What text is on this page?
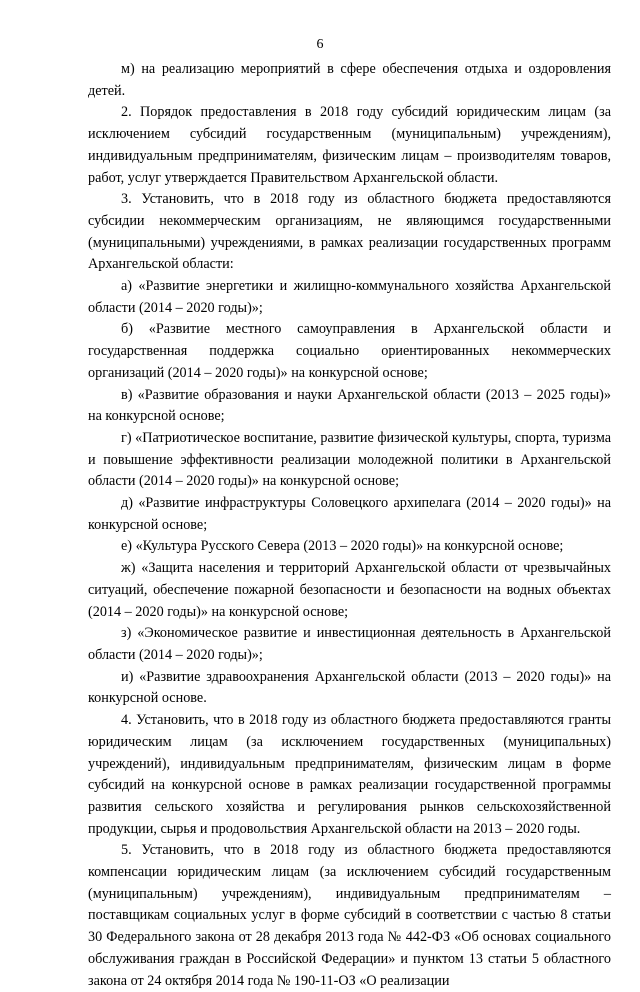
6

м) на реализацию мероприятий в сфере обеспечения отдыха и оздоровления детей.

2. Порядок предоставления в 2018 году субсидий юридическим лицам (за исключением субсидий государственным (муниципальным) учреждениям), индивидуальным предпринимателям, физическим лицам – производителям товаров, работ, услуг утверждается Правительством Архангельской области.

3. Установить, что в 2018 году из областного бюджета предоставляются субсидии некоммерческим организациям, не являющимся государственными (муниципальными) учреждениями, в рамках реализации государственных программ Архангельской области:

а) «Развитие энергетики и жилищно-коммунального хозяйства Архангельской области (2014 – 2020 годы)»;

б) «Развитие местного самоуправления в Архангельской области и государственная поддержка социально ориентированных некоммерческих организаций (2014 – 2020 годы)» на конкурсной основе;

в) «Развитие образования и науки Архангельской области (2013 – 2025 годы)» на конкурсной основе;

г) «Патриотическое воспитание, развитие физической культуры, спорта, туризма и повышение эффективности реализации молодежной политики в Архангельской области (2014 – 2020 годы)» на конкурсной основе;

д) «Развитие инфраструктуры Соловецкого архипелага (2014 – 2020 годы)» на конкурсной основе;

е) «Культура Русского Севера (2013 – 2020 годы)» на конкурсной основе;

ж) «Защита населения и территорий Архангельской области от чрезвычайных ситуаций, обеспечение пожарной безопасности и безопасности на водных объектах (2014 – 2020 годы)» на конкурсной основе;

з) «Экономическое развитие и инвестиционная деятельность в Архангельской области (2014 – 2020 годы)»;

и) «Развитие здравоохранения Архангельской области (2013 – 2020 годы)» на конкурсной основе.

4. Установить, что в 2018 году из областного бюджета предоставляются гранты юридическим лицам (за исключением государственных (муниципальных) учреждений), индивидуальным предпринимателям, физическим лицам в форме субсидий на конкурсной основе в рамках реализации государственной программы развития сельского хозяйства и регулирования рынков сельскохозяйственной продукции, сырья и продовольствия Архангельской области на 2013 – 2020 годы.

5. Установить, что в 2018 году из областного бюджета предоставляются компенсации юридическим лицам (за исключением субсидий государственным (муниципальным) учреждениям), индивидуальным предпринимателям – поставщикам социальных услуг в форме субсидий в соответствии с частью 8 статьи 30 Федерального закона от 28 декабря 2013 года № 442-ФЗ «Об основах социального обслуживания граждан в Российской Федерации» и пунктом 13 статьи 5 областного закона от 24 октября 2014 года № 190-11-ОЗ «О реализации
